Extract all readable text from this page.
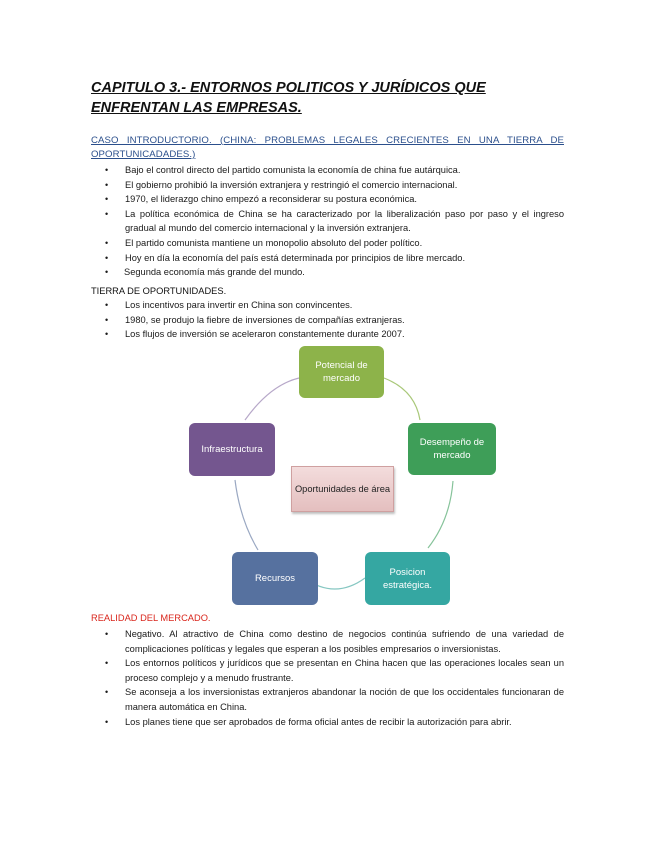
CAPITULO 3.- ENTORNOS POLITICOS Y JURÍDICOS QUE ENFRENTAN LAS EMPRESAS.
CASO INTRODUCTORIO. (CHINA: PROBLEMAS LEGALES CRECIENTES EN UNA TIERRA DE OPORTUNICADADES.)
• Bajo el control directo del partido comunista la economía de china fue autárquica.
• El gobierno prohibió la inversión extranjera y restringió el comercio internacional.
• 1970, el liderazgo chino empezó a reconsiderar su postura económica.
• La política económica de China se ha caracterizado por la liberalización paso por paso y el ingreso gradual al mundo del comercio internacional y la inversión extranjera.
• El partido comunista mantiene un monopolio absoluto del poder político.
• Hoy en día la economía del país está determinada por principios de libre mercado.
• Segunda economía más grande del mundo.
TIERRA DE OPORTUNIDADES.
• Los incentivos para invertir en China son convincentes.
• 1980, se produjo la fiebre de inversiones de compañías extranjeras.
• Los flujos de inversión se aceleraron constantemente durante 2007.
Potencial de mercado
Desempeño de mercado
Posicion estratégica.
Recursos
Infraestructura
Oportunidades de área
REALIDAD DEL MERCADO.
• Negativo. Al atractivo de China como destino de negocios continúa sufriendo de una variedad de complicaciones políticas y legales que esperan a los posibles empresarios o inversionistas.
• Los entornos políticos y jurídicos que se presentan en China hacen que las operaciones locales sean un proceso complejo y a menudo frustrante.
• Se aconseja a los inversionistas extranjeros abandonar la noción de que los occidentales funcionaran de manera automática en China.
• Los planes tiene que ser aprobados de forma oficial antes de recibir la autorización para abrir.
